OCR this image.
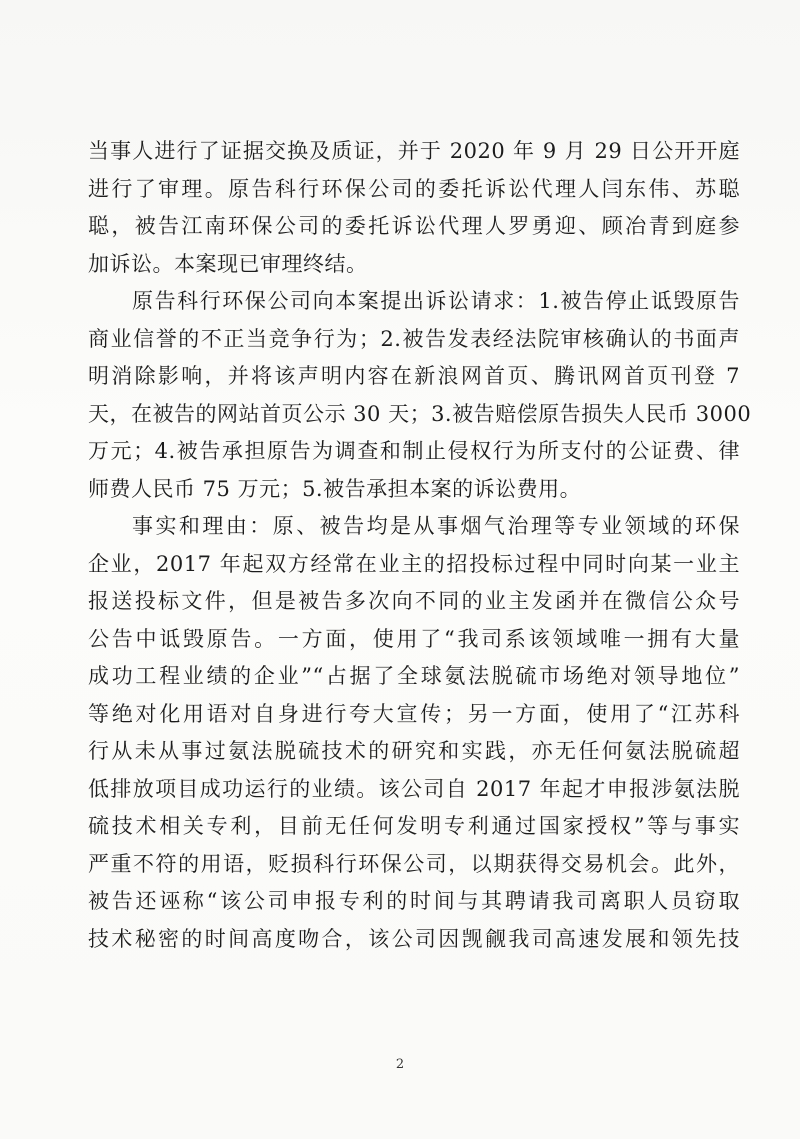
当事人进行了证据交换及质证，并于 2020 年 9 月 29 日公开开庭
进行了审理。原告科行环保公司的委托诉讼代理人闫东伟、苏聪
聪，被告江南环保公司的委托诉讼代理人罗勇迎、顾冶青到庭参
加诉讼。本案现已审理终结。
原告科行环保公司向本案提出诉讼请求：1.被告停止诋毁原告
商业信誉的不正当竞争行为；2.被告发表经法院审核确认的书面声
明消除影响，并将该声明内容在新浪网首页、腾讯网首页刊登 7
天，在被告的网站首页公示 30 天；3.被告赔偿原告损失人民币 3000
万元；4.被告承担原告为调查和制止侵权行为所支付的公证费、律
师费人民币 75 万元；5.被告承担本案的诉讼费用。
事实和理由：原、被告均是从事烟气治理等专业领域的环保
企业，2017 年起双方经常在业主的招投标过程中同时向某一业主
报送投标文件，但是被告多次向不同的业主发函并在微信公众号
公告中诋毁原告。一方面，使用了“我司系该领域唯一拥有大量
成功工程业绩的企业”“占据了全球氨法脱硫市场绝对领导地位”
等绝对化用语对自身进行夸大宣传；另一方面，使用了“江苏科
行从未从事过氨法脱硫技术的研究和实践，亦无任何氨法脱硫超
低排放项目成功运行的业绩。该公司自 2017 年起才申报涉氨法脱
硫技术相关专利，目前无任何发明专利通过国家授权”等与事实
严重不符的用语，贬损科行环保公司，以期获得交易机会。此外，
被告还诬称“该公司申报专利的时间与其聘请我司离职人员窃取
技术秘密的时间高度吻合，该公司因觊觎我司高速发展和领先技
2
